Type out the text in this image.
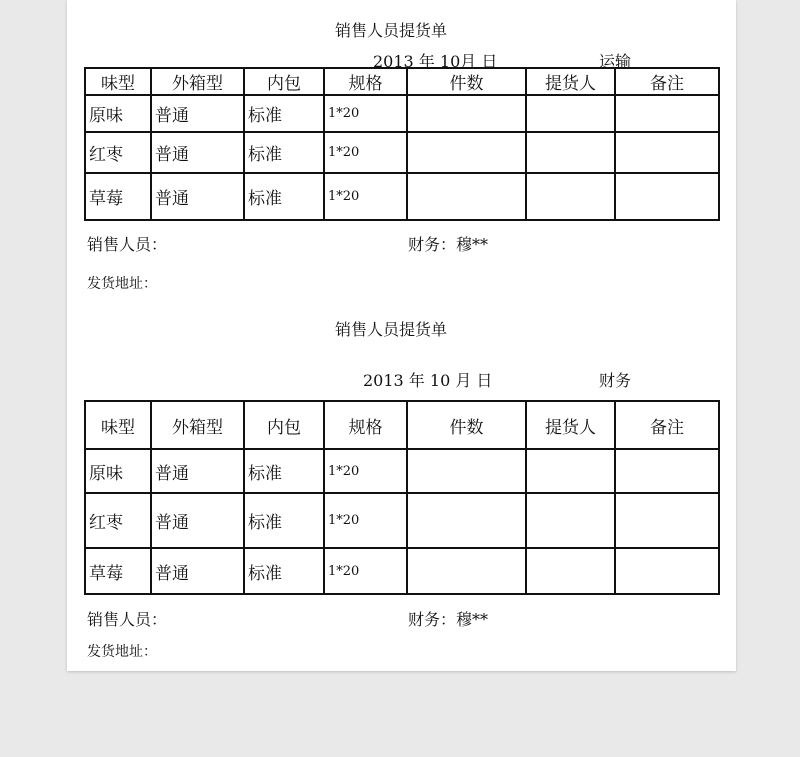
销售人员提货单
2013 年 10月 日	运输
味型	外箱型	内包	规格	件数	提货人	备注
原味	普通	标准	1*20			
红枣	普通	标准	1*20			
草莓	普通	标准	1*20			
销售人员：	财务：穆**
发货地址：
销售人员提货单
2013 年 10 月 日	财务
味型	外箱型	内包	规格	件数	提货人	备注
原味	普通	标准	1*20			
红枣	普通	标准	1*20			
草莓	普通	标准	1*20			
销售人员：	财务：穆**
发货地址：
